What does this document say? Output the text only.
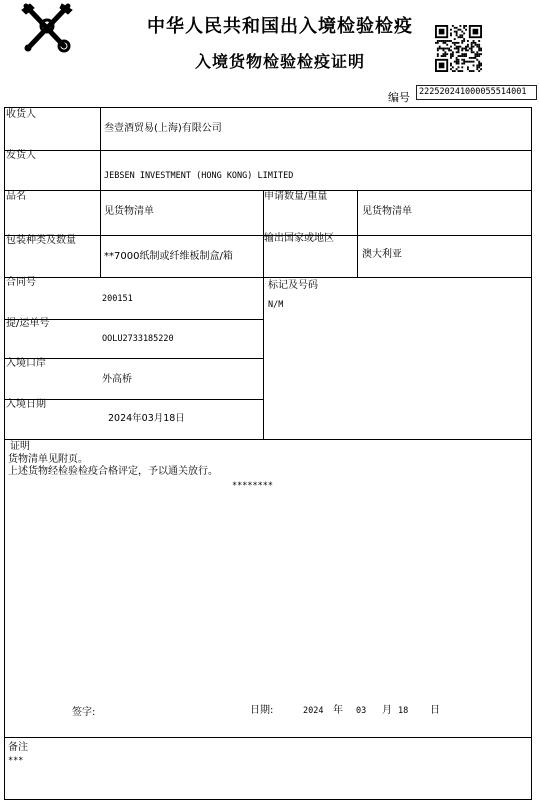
中华人民共和国出入境检验检疫
入境货物检验检疫证明
编号	222520241000055514001
收货人
叁壹酒贸易(上海)有限公司
发货人
JEBSEN INVESTMENT (HONG KONG) LIMITED
品名
见货物清单
申请数量/重量
见货物清单
包装种类及数量
**7000纸制或纤维板制盒/箱
输出国家或地区
澳大利亚
合同号
200151
标记及号码
N/M
提/运单号
OOLU2733185220
入境口岸
外高桥
入境日期
2024年03月18日
证明
货物清单见附页。
上述货物经检验检疫合格评定，予以通关放行。
********
签字:	日期:	2024 年 03 月 18 日
备注
***
